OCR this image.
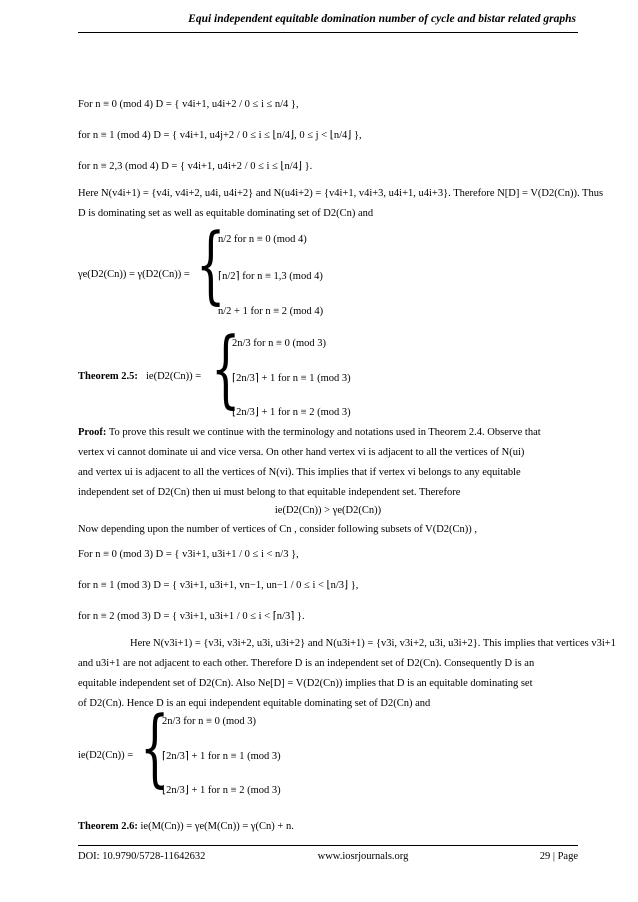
Equi independent equitable domination number of cycle and bistar related graphs
For n ≡ 0 (mod 4) D = { v4i+1, u4i+2 / 0 ≤ i ≤ n/4 },
for n ≡ 1 (mod 4) D = { v4i+1, u4j+2 / 0 ≤ i ≤ ⌊n/4⌋, 0 ≤ j < ⌊n/4⌋ },
for n ≡ 2,3 (mod 4) D = { v4i+1, u4i+2 / 0 ≤ i ≤ ⌊n/4⌋ }.
Here N(v4i+1) = {v4i, v4i+2, u4i, u4i+2} and N(u4i+2) = {v4i+1, v4i+3, u4i+1, u4i+3}. Therefore N[D] = V(D2(Cn)). Thus
D is dominating set as well as equitable dominating set of D2(Cn) and
γe(D2(Cn)) = γ(D2(Cn)) = {
n/2 for n ≡ 0 (mod 4)
⌈n/2⌉ for n ≡ 1,3 (mod 4)
n/2 + 1 for n ≡ 2 (mod 4)
Theorem 2.5: ie(D2(Cn)) = {
2n/3 for n ≡ 0 (mod 3)
⌈2n/3⌉ + 1 for n ≡ 1 (mod 3)
⌊2n/3⌋ + 1 for n ≡ 2 (mod 3)
Proof: To prove this result we continue with the terminology and notations used in Theorem 2.4. Observe that
vertex vi cannot dominate ui and vice versa. On other hand vertex vi is adjacent to all the vertices of N(ui)
and vertex ui is adjacent to all the vertices of N(vi). This implies that if vertex vi belongs to any equitable
independent set of D2(Cn) then ui must belong to that equitable independent set. Therefore
ie(D2(Cn)) > γe(D2(Cn))
Now depending upon the number of vertices of Cn , consider following subsets of V(D2(Cn)) ,
For n ≡ 0 (mod 3) D = { v3i+1, u3i+1 / 0 ≤ i < n/3 },
for n ≡ 1 (mod 3) D = { v3i+1, u3i+1, vn−1, un−1 / 0 ≤ i < ⌊n/3⌋ },
for n ≡ 2 (mod 3) D = { v3i+1, u3i+1 / 0 ≤ i < ⌈n/3⌉ }.
Here N(v3i+1) = {v3i, v3i+2, u3i, u3i+2} and N(u3i+1) = {v3i, v3i+2, u3i, u3i+2}. This implies that vertices v3i+1
and u3i+1 are not adjacent to each other. Therefore D is an independent set of D2(Cn). Consequently D is an
equitable independent set of D2(Cn). Also Ne[D] = V(D2(Cn)) implies that D is an equitable dominating set
of D2(Cn). Hence D is an equi independent equitable dominating set of D2(Cn) and
ie(D2(Cn)) = {
2n/3 for n ≡ 0 (mod 3)
⌈2n/3⌉ + 1 for n ≡ 1 (mod 3)
⌊2n/3⌋ + 1 for n ≡ 2 (mod 3)
Theorem 2.6: ie(M(Cn)) = γe(M(Cn)) = γ(Cn) + n.
DOI: 10.9790/5728-11642632	www.iosrjournals.org	29 | Page
